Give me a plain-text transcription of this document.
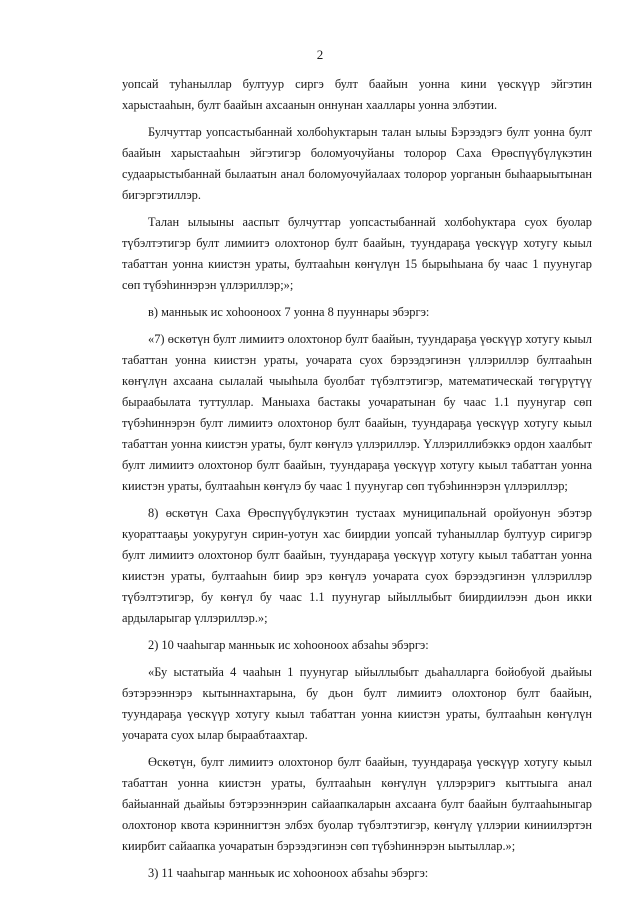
2

уопсай туһаныллар бултуур сиргэ булт баайын уонна кини үөскүүр эйгэтин харыстааһын, булт баайын ахсаанын оннунан хааллары уонна элбэтии.

Булчуттар уопсастыбаннай холбоһуктарын талан ылыы Бэрээдэгэ булт уонна булт баайын харыстааһын эйгэтигэр боломуочуйаны толорор Саха Өрөспүүбүлүкэтин судаарыстыбаннай былаатын анал боломуочуйалаах толорор уорганын быһаарыытынан бигэргэтиллэр.

Талан ылыыны ааспыт булчуттар уопсастыбаннай холбоһуктара суох буолар түбэлтэтигэр булт лимиитэ олохтонор булт баайын, туундараҕа үөскүүр хотугу кыыл табаттан уонна киистэн ураты, бултааһын көҥүлүн 15 бырыһыана бу чаас 1 пуунугар сөп түбэһиннэрэн үллэриллэр;»;

в) манньык ис хоһооноох 7 уонна 8 пууннары эбэргэ:

«7) өскөтүн булт лимиитэ олохтонор булт баайын, туундараҕа үөскүүр хотугу кыыл табаттан уонна киистэн ураты, уочарата суох бэрээдэгинэн үллэриллэр бултааһын көҥүлүн ахсаана сылалай чыыһыла буолбат түбэлтэтигэр, математическай төгүрүтүү быраабылата туттуллар. Маныаха бастакы уочаратынан бу чаас 1.1 пуунугар сөп түбэһиннэрэн булт лимиитэ олохтонор булт баайын, туундараҕа үөскүүр хотугу кыыл табаттан уонна киистэн ураты, булт көҥүлэ үллэриллэр. Үллэриллибэккэ ордон хаалбыт булт лимиитэ олохтонор булт баайын, туундараҕа үөскүүр хотугу кыыл табаттан уонна киистэн ураты, бултааһын көҥүлэ бу чаас 1 пуунугар сөп түбэһиннэрэн үллэриллэр;

8) өскөтүн Саха Өрөспүүбүлүкэтин тустаах муниципальнай оройуонун эбэтэр куораттааҕы уокуругун сирин-уотун хас биирдии уопсай туһаныллар бултуур сиригэр булт лимиитэ олохтонор булт баайын, туундараҕа үөскүүр хотугу кыыл табаттан уонна киистэн ураты, бултааһын биир эрэ көҥүлэ уочарата суох бэрээдэгинэн үллэриллэр түбэлтэтигэр, бу көҥүл бу чаас 1.1 пуунугар ыйыллыбыт биирдиилээн дьон икки ардыларыгар үллэриллэр.»;

2) 10 чааһыгар манньык ис хоһооноох абзаһы эбэргэ:

«Бу ыстатыйа 4 чааһын 1 пуунугар ыйыллыбыт дьаһалларга бойобуой дьайыы бэтэрээннэрэ кытыннахтарына, бу дьон булт лимиитэ олохтонор булт баайын, туундараҕа үөскүүр хотугу кыыл табаттан уонна киистэн ураты, бултааһын көҥүлүн уочарата суох ылар быраабтаахтар.

Өскөтүн, булт лимиитэ олохтонор булт баайын, туундараҕа үөскүүр хотугу кыыл табаттан уонна киистэн ураты, бултааһын көҥүлүн үллэрэригэ кыттыыга анал байыаннай дьайыы бэтэрээннэрин сайаапкаларын ахсааҥа булт баайын бултааһыныгар олохтонор квота кэриннигтэн элбэх буолар түбэлтэтигэр, көҥүлү үллэрии киниилэртэн киирбит сайаапка уочаратын бэрээдэгинэн сөп түбэһиннэрэн ыытыллар.»;

3) 11 чааһыгар манньык ис хоһооноох абзаһы эбэргэ:
